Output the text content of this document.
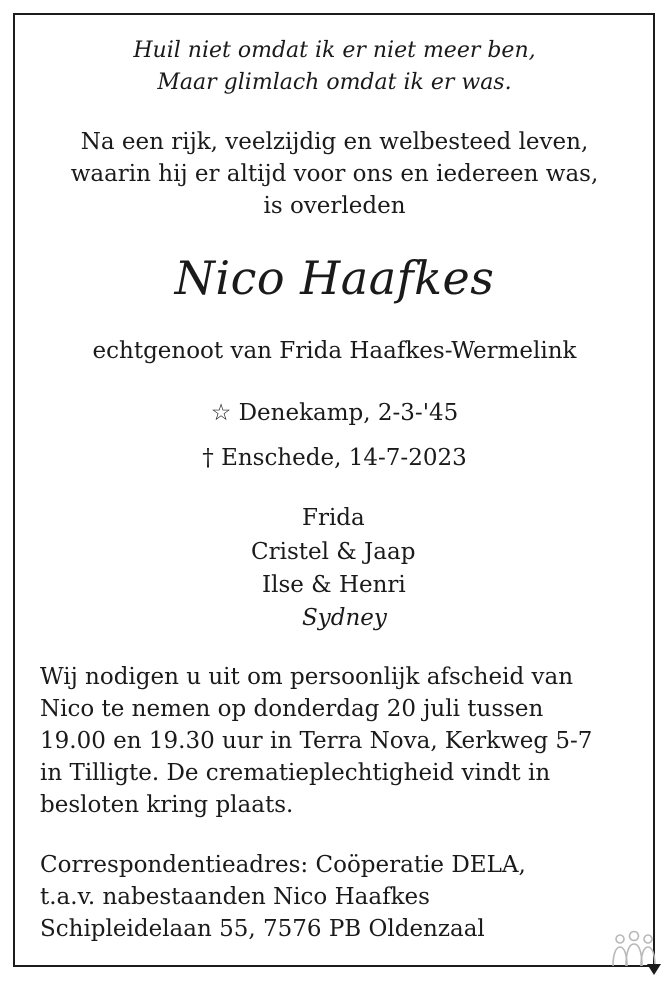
Huil niet omdat ik er niet meer ben,
Maar glimlach omdat ik er was.
Na een rijk, veelzijdig en welbesteed leven,
waarin hij er altijd voor ons en iedereen was,
is overleden
Nico Haafkes
echtgenoot van Frida Haafkes-Wermelink
☆ Denekamp, 2-3-'45
† Enschede, 14-7-2023
Frida
Cristel & Jaap
Ilse & Henri
Sydney
Wij nodigen u uit om persoonlijk afscheid van
Nico te nemen op donderdag 20 juli tussen
19.00 en 19.30 uur in Terra Nova, Kerkweg 5-7
in Tilligte. De crematieplechtigheid vindt in
besloten kring plaats.
Correspondentieadres: Coöperatie DELA,
t.a.v. nabestaanden Nico Haafkes
Schipleidelaan 55, 7576 PB Oldenzaal
